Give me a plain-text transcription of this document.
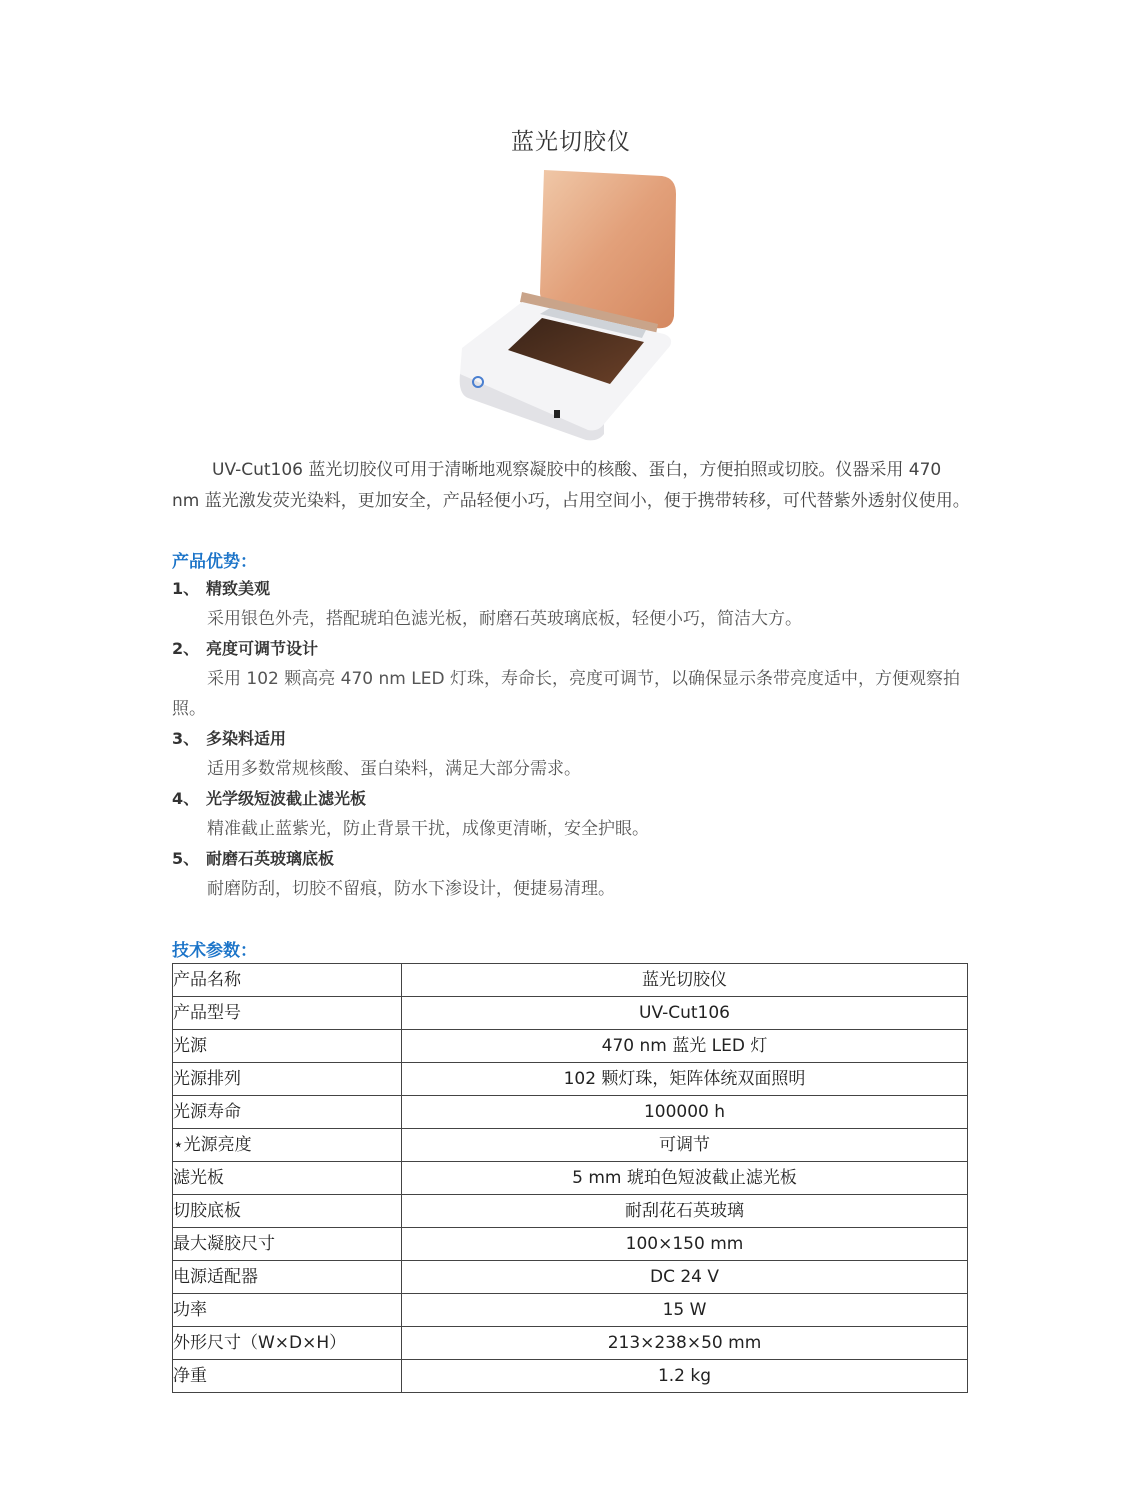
蓝光切胶仪

UV-Cut106 蓝光切胶仪可用于清晰地观察凝胶中的核酸、蛋白，方便拍照或切胶。仪器采用 470 nm 蓝光激发荧光染料，更加安全，产品轻便小巧，占用空间小，便于携带转移，可代替紫外透射仪使用。

产品优势：
1、 精致美观
采用银色外壳，搭配琥珀色滤光板，耐磨石英玻璃底板，轻便小巧，简洁大方。
2、 亮度可调节设计
采用 102 颗高亮 470 nm LED 灯珠，寿命长，亮度可调节，以确保显示条带亮度适中，方便观察拍照。
3、 多染料适用
适用多数常规核酸、蛋白染料，满足大部分需求。
4、 光学级短波截止滤光板
精准截止蓝紫光，防止背景干扰，成像更清晰，安全护眼。
5、 耐磨石英玻璃底板
耐磨防刮，切胶不留痕，防水下渗设计，便捷易清理。
技术参数：
产品名称	蓝光切胶仪
产品型号	UV-Cut106
光源	470 nm 蓝光 LED 灯
光源排列	102 颗灯珠，矩阵体统双面照明
光源寿命	100000 h
⋆光源亮度	可调节
滤光板	5 mm 琥珀色短波截止滤光板
切胶底板	耐刮花石英玻璃
最大凝胶尺寸	100×150 mm
电源适配器	DC 24 V
功率	15 W
外形尺寸（W×D×H）	213×238×50 mm
净重	1.2 kg
